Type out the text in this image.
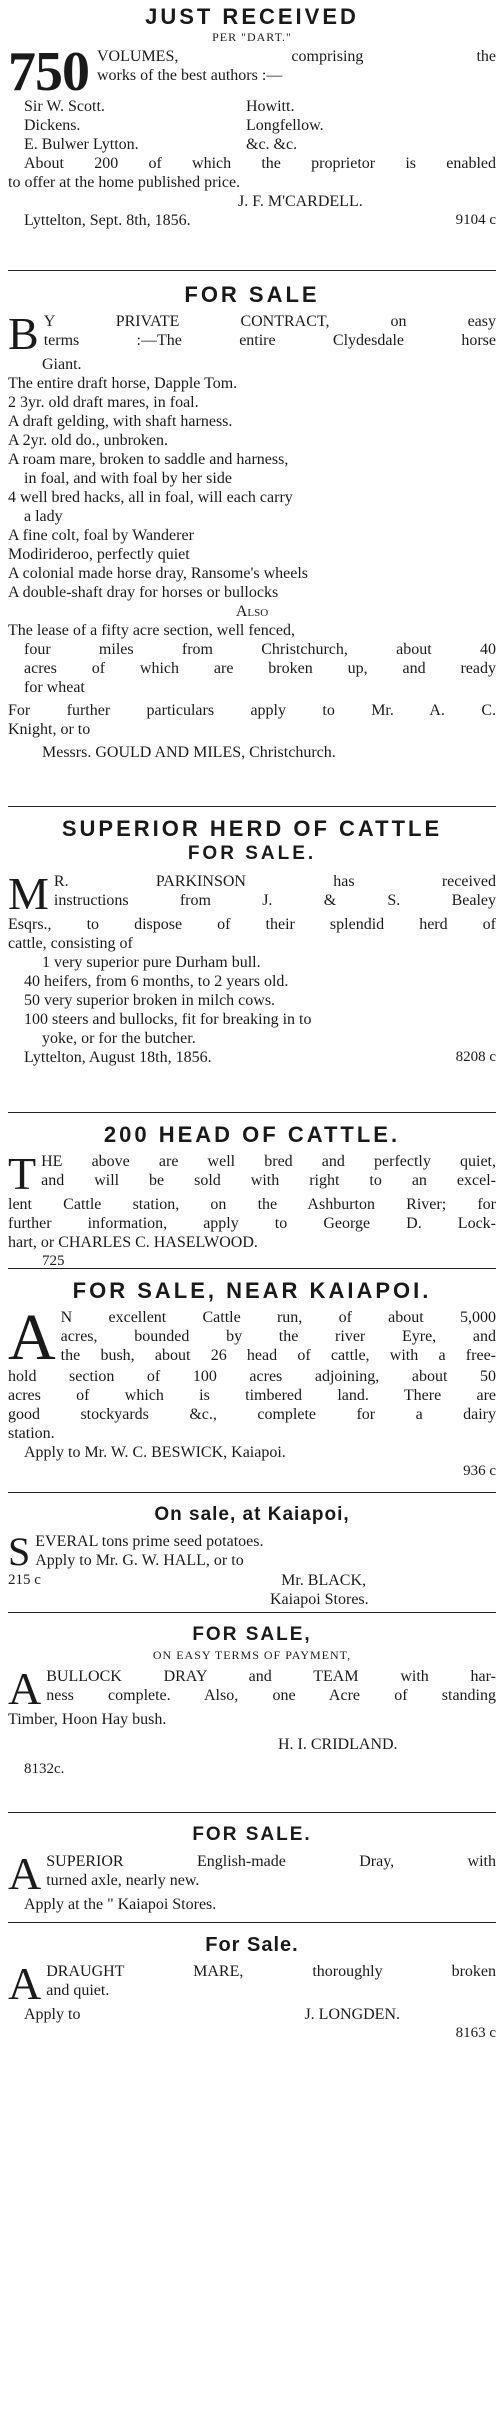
JUST RECEIVED
PER "DART."
750 VOLUMES, comprising the
works of the best authors :—
Sir W. Scott.	Howitt.
Dickens.	Longfellow.
E. Bulwer Lytton.	&c. &c.
About 200 of which the proprietor is enabled
to offer at the home published price.
J. F. M'CARDELL.
Lyttelton, Sept. 8th, 1856.	9104 c
FOR SALE
B Y PRIVATE CONTRACT, on easy
terms :—The entire Clydesdale horse
Giant.
The entire draft horse, Dapple Tom.
2 3yr. old draft mares, in foal.
A draft gelding, with shaft harness.
A 2yr. old do., unbroken.
A roam mare, broken to saddle and harness,
in foal, and with foal by her side
4 well bred hacks, all in foal, will each carry
a lady
A fine colt, foal by Wanderer
Modirideroo, perfectly quiet
A colonial made horse dray, Ransome's wheels
A double-shaft dray for horses or bullocks
Also
The lease of a fifty acre section, well fenced,
four miles from Christchurch, about 40
acres of which are broken up, and ready
for wheat
For further particulars apply to Mr. A. C.
Knight, or to
Messrs. GOULD AND MILES, Christchurch.
SUPERIOR HERD OF CATTLE
FOR SALE.
M R. PARKINSON has received
instructions from J. & S. Bealey
Esqrs., to dispose of their splendid herd of
cattle, consisting of
1 very superior pure Durham bull.
40 heifers, from 6 months, to 2 years old.
50 very superior broken in milch cows.
100 steers and bullocks, fit for breaking in to
yoke, or for the butcher.
Lyttelton, August 18th, 1856.	8208 c
200 HEAD OF CATTLE.
T HE above are well bred and perfectly quiet,
and will be sold with right to an excel-
lent Cattle station, on the Ashburton River; for
further information, apply to George D. Lock-
hart, or CHARLES C. HASELWOOD.
725
FOR SALE, NEAR KAIAPOI.
A N excellent Cattle run, of about 5,000
acres, bounded by the river Eyre, and
the bush, about 26 head of cattle, with a free-
hold section of 100 acres adjoining, about 50
acres of which is timbered land. There are
good stockyards &c., complete for a dairy
station.
Apply to Mr. W. C. BESWICK, Kaiapoi.
936 c
On sale, at Kaiapoi,
S EVERAL tons prime seed potatoes.
Apply to Mr. G. W. HALL, or to
215 c	Mr. BLACK,
Kaiapoi Stores.
FOR SALE,
ON EASY TERMS OF PAYMENT,
A BULLOCK DRAY and TEAM with har-
ness complete. Also, one Acre of standing
Timber, Hoon Hay bush.
H. I. CRIDLAND.
8132c.
FOR SALE.
A SUPERIOR English-made Dray, with
turned axle, nearly new.
Apply at the " Kaiapoi Stores.
For Sale.
A DRAUGHT MARE, thoroughly broken
and quiet.
Apply to	J. LONGDEN.
8163 c
